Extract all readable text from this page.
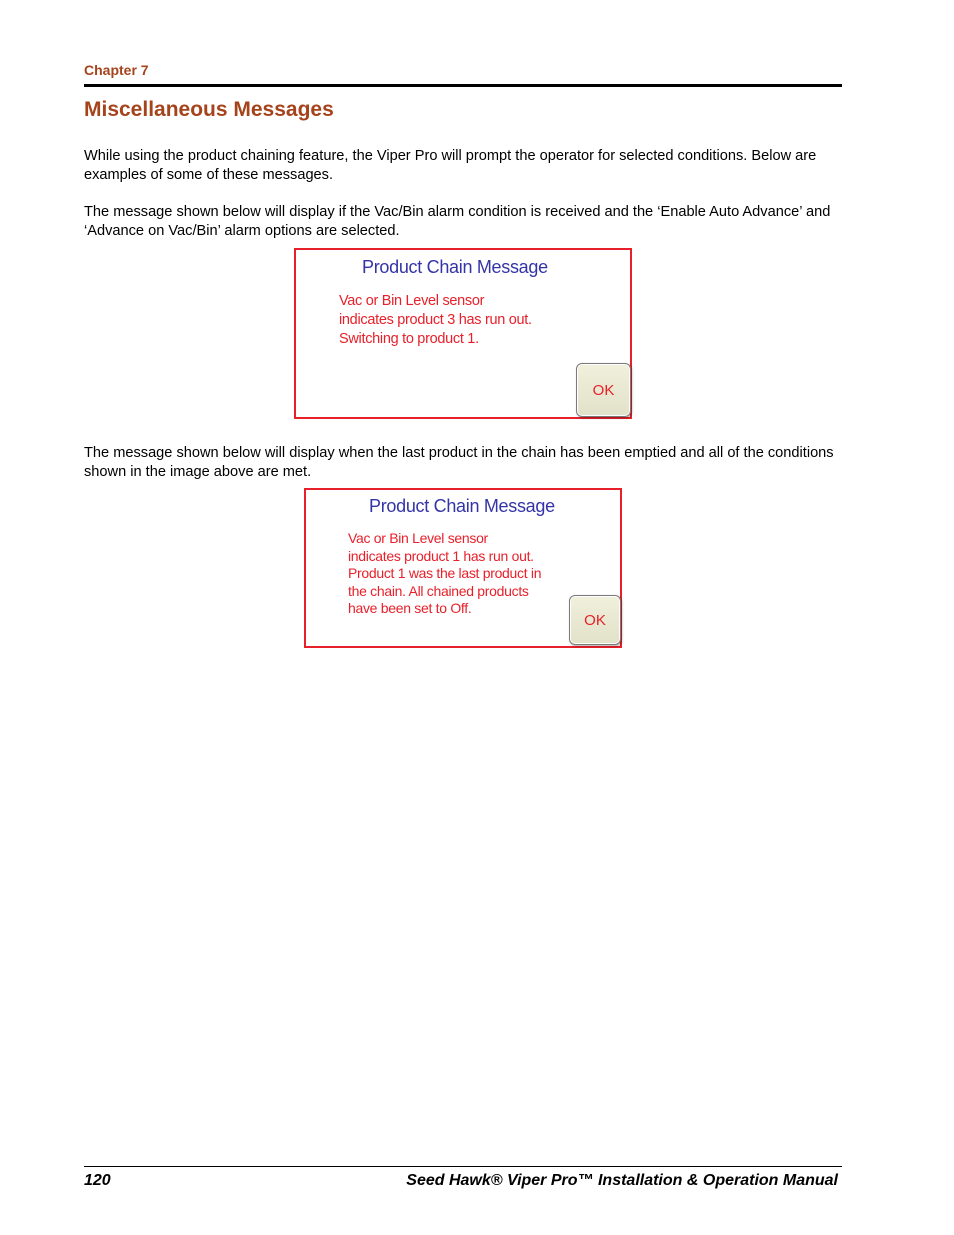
Chapter 7
Miscellaneous Messages
While using the product chaining feature, the Viper Pro will prompt the operator for selected conditions. Below are examples of some of these messages.
The message shown below will display if the Vac/Bin alarm condition is received and the ‘Enable Auto Advance’ and ‘Advance on Vac/Bin’ alarm options are selected.
Product Chain Message
Vac or Bin Level sensor
indicates product 3 has run out.
Switching to product 1.
OK
The message shown below will display when the last product in the chain has been emptied and all of the conditions shown in the image above are met.
Product Chain Message
Vac or Bin Level sensor
indicates product 1 has run out.
Product 1 was the last product in
the chain. All chained products
have been set to Off.
OK
120	Seed Hawk® Viper Pro™ Installation & Operation Manual
